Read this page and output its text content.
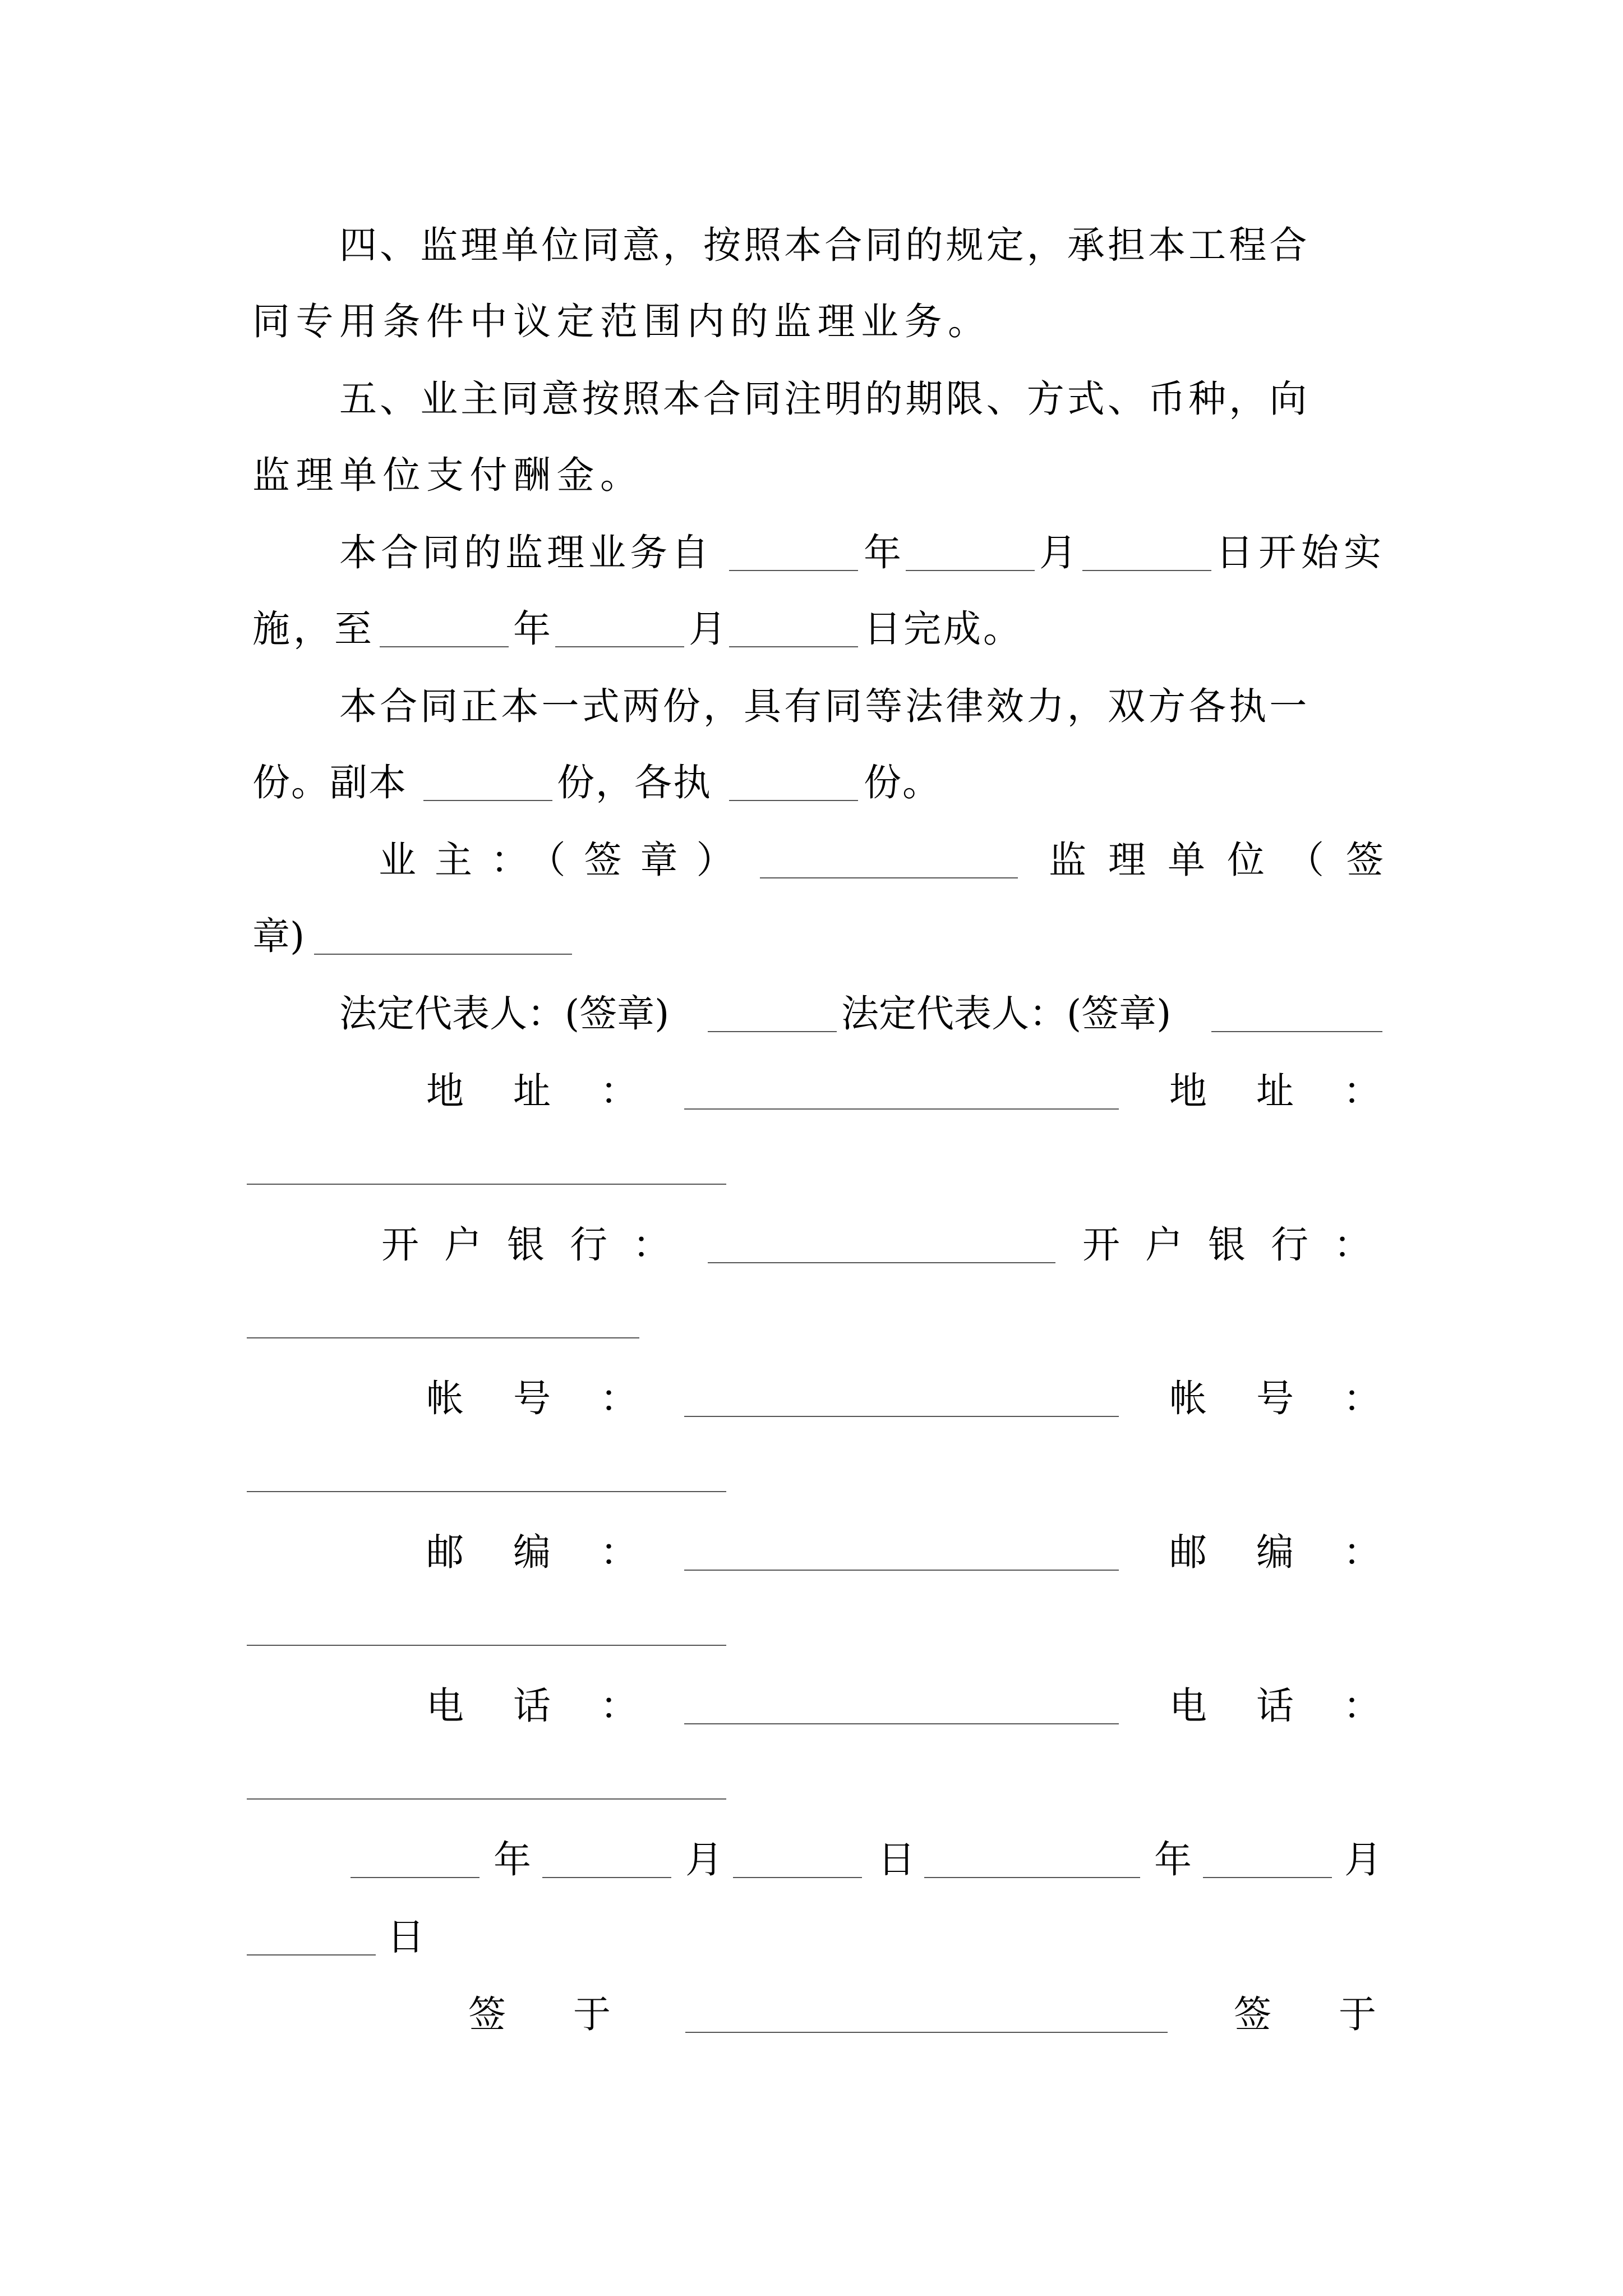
四、监理单位同意，按照本合同的规定，承担本工程合
同专用条件中议定范围内的监理业务。
五、业主同意按照本合同注明的期限、方式、币种，向
监理单位支付酬金。
本合同的监理业务自	年	月	日开始实
施，至	年	月	日完成。
本合同正本一式两份，具有同等法律效力，双方各执一
份。副本	份，各执	份。
业主：（签章）	监理单位（签
章)
法定代表人：(签章)	法定代表人：(签章)
地址：	地址：
开户银行：	开户银行：
帐号：	帐号：
邮编：	邮编：
电话：	电话：
年	月	日	年	月
日
签于	签于
